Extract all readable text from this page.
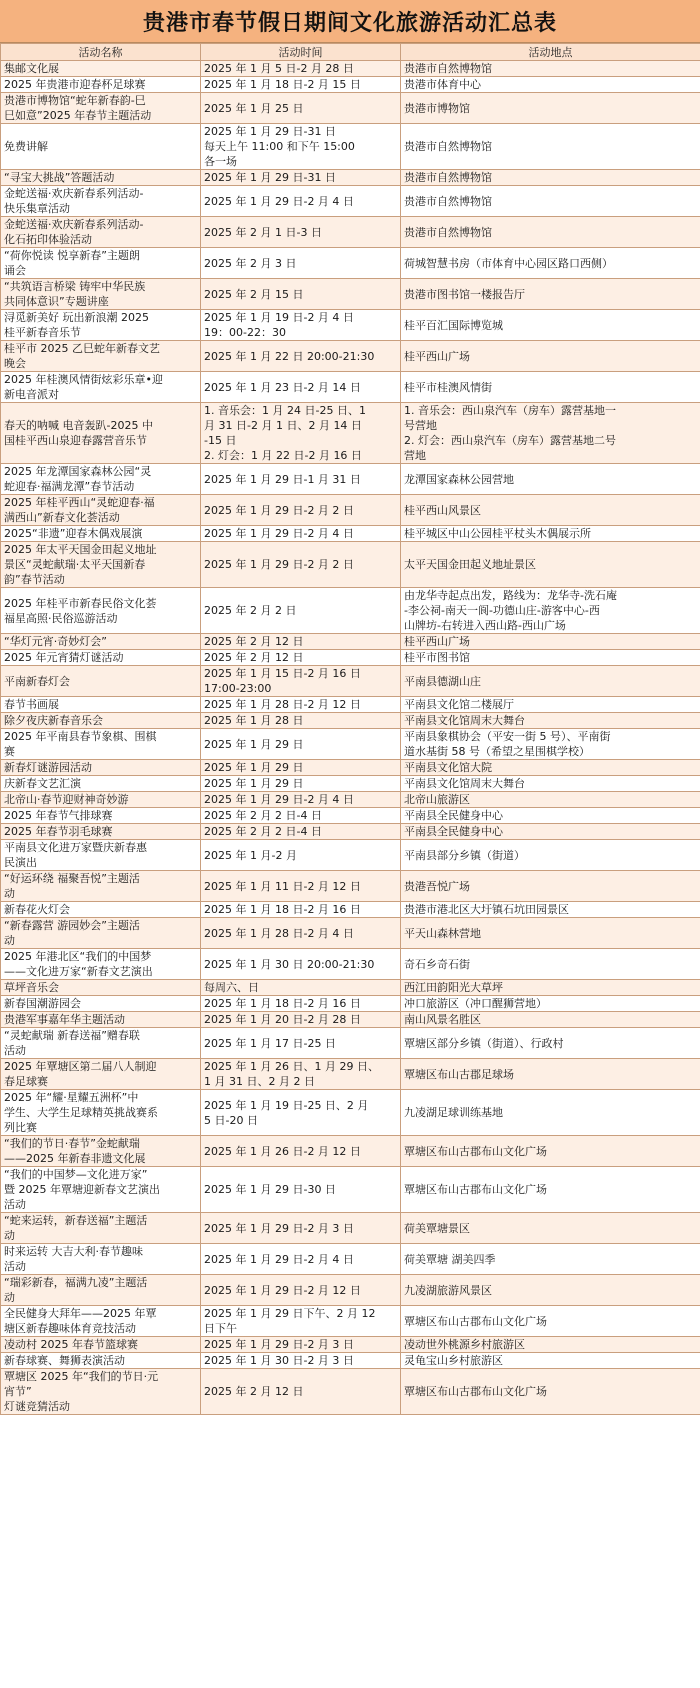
贵港市春节假日期间文化旅游活动汇总表
活动名称	活动时间	活动地点

集邮文化展	2025 年 1 月 5 日-2 月 28 日	贵港市自然博物馆

2025 年贵港市迎春杯足球赛	2025 年 1 月 18 日-2 月 15 日	贵港市体育中心

贵港市博物馆“蛇年新春韵-巳
巳如意”2025 年春节主题活动	2025 年 1 月 25 日	贵港市博物馆

免费讲解	2025 年 1 月 29 日-31 日
每天上午 11:00 和下午 15:00
各一场	贵港市自然博物馆

“寻宝大挑战”答题活动	2025 年 1 月 29 日-31 日	贵港市自然博物馆

金蛇送福·欢庆新春系列活动-
快乐集章活动	2025 年 1 月 29 日-2 月 4 日	贵港市自然博物馆

金蛇送福·欢庆新春系列活动-
化石拓印体验活动	2025 年 2 月 1 日-3 日	贵港市自然博物馆

“荷你悦读 悦享新春”主题朗
诵会	2025 年 2 月 3 日	荷城智慧书房（市体育中心园区路口西侧）

“共筑语言桥梁 铸牢中华民族
共同体意识”专题讲座	2025 年 2 月 15 日	贵港市图书馆一楼报告厅

浔觅新美好 玩出新浪潮 2025
桂平新春音乐节	2025 年 1 月 19 日-2 月 4 日
19：00-22：30	桂平百汇国际博览城

桂平市 2025 乙巳蛇年新春文艺
晚会	2025 年 1 月 22 日 20:00-21:30	桂平西山广场

2025 年桂澳风情街炫彩乐章•迎
新电音派对	2025 年 1 月 23 日-2 月 14 日	桂平市桂澳风情街

春天的呐喊 电音轰趴-2025 中
国桂平西山泉迎春露营音乐节	1. 音乐会：1 月 24 日-25 日、1
月 31 日-2 月 1 日、2 月 14 日
-15 日
2. 灯会：1 月 22 日-2 月 16 日	1. 音乐会：西山泉汽车（房车）露营基地一
号营地
2. 灯会：西山泉汽车（房车）露营基地二号
营地

2025 年龙潭国家森林公园“灵
蛇迎春·福满龙潭”春节活动	2025 年 1 月 29 日-1 月 31 日	龙潭国家森林公园营地

2025 年桂平西山“灵蛇迎春·福
满西山”新春文化荟活动	2025 年 1 月 29 日-2 月 2 日	桂平西山风景区

2025“非遗”迎春木偶戏展演	2025 年 1 月 29 日-2 月 4 日	桂平城区中山公园桂平杖头木偶展示所

2025 年太平天国金田起义地址
景区“灵蛇献瑞·太平天国新春
韵”春节活动	2025 年 1 月 29 日-2 月 2 日	太平天国金田起义地址景区

2025 年桂平市新春民俗文化荟
福星高照·民俗巡游活动	2025 年 2 月 2 日	由龙华寺起点出发，路线为：龙华寺-洗石庵
-李公祠-南天一阆-功德山庄-游客中心-西
山牌坊-右转进入西山路-西山广场

“华灯元宵·奇妙灯会”	2025 年 2 月 12 日	桂平西山广场

2025 年元宵猜灯谜活动	2025 年 2 月 12 日	桂平市图书馆

平南新春灯会	2025 年 1 月 15 日-2 月 16 日
17:00-23:00	平南县德湖山庄

春节书画展	2025 年 1 月 28 日-2 月 12 日	平南县文化馆二楼展厅

除夕夜庆新春音乐会	2025 年 1 月 28 日	平南县文化馆周末大舞台

2025 年平南县春节象棋、围棋
赛	2025 年 1 月 29 日	平南县象棋协会（平安一街 5 号）、平南街
道水基街 58 号（希望之星围棋学校）

新春灯谜游园活动	2025 年 1 月 29 日	平南县文化馆大院

庆新春文艺汇演	2025 年 1 月 29 日	平南县文化馆周末大舞台

北帝山·春节迎财神奇妙游	2025 年 1 月 29 日-2 月 4 日	北帝山旅游区

2025 年春节气排球赛	2025 年 2 月 2 日-4 日	平南县全民健身中心

2025 年春节羽毛球赛	2025 年 2 月 2 日-4 日	平南县全民健身中心

平南县文化进万家暨庆新春惠
民演出	2025 年 1 月-2 月	平南县部分乡镇（街道）

“好运环绕 福聚吾悦”主题活
动	2025 年 1 月 11 日-2 月 12 日	贵港吾悦广场

新春花火灯会	2025 年 1 月 18 日-2 月 16 日	贵港市港北区大圩镇石坑田园景区

“新春露营 游园妙会”主题活
动	2025 年 1 月 28 日-2 月 4 日	平天山森林营地

2025 年港北区“我们的中国梦
——文化进万家“新春文艺演出	2025 年 1 月 30 日 20:00-21:30	奇石乡奇石街

草坪音乐会	每周六、日	西江田韵阳光大草坪

新春国潮游园会	2025 年 1 月 18 日-2 月 16 日	冲口旅游区（冲口醒狮营地）

贵港军事嘉年华主题活动	2025 年 1 月 20 日-2 月 28 日	南山风景名胜区

“灵蛇献瑞 新春送福”赠春联
活动	2025 年 1 月 17 日-25 日	覃塘区部分乡镇（街道）、行政村

2025 年覃塘区第二届八人制迎
春足球赛	2025 年 1 月 26 日、1 月 29 日、
1 月 31 日、2 月 2 日	覃塘区布山古郡足球场

2025 年“耀·星耀五洲杯”中
学生、大学生足球精英挑战赛系
列比赛	2025 年 1 月 19 日-25 日、2 月
5 日-20 日	九凌湖足球训练基地

“我们的节日·春节”金蛇献瑞
——2025 年新春非遗文化展	2025 年 1 月 26 日-2 月 12 日	覃塘区布山古郡布山文化广场

“我们的中国梦—文化进万家”
暨 2025 年覃塘迎新春文艺演出
活动	2025 年 1 月 29 日-30 日	覃塘区布山古郡布山文化广场

“蛇来运转，新春送福”主题活
动	2025 年 1 月 29 日-2 月 3 日	荷美覃塘景区

时来运转 大吉大利·春节趣味
活动	2025 年 1 月 29 日-2 月 4 日	荷美覃塘 湖美四季

“瑞彩新春，福满九凌”主题活
动	2025 年 1 月 29 日-2 月 12 日	九凌湖旅游风景区

全民健身大拜年——2025 年覃
塘区新春趣味体育竞技活动	2025 年 1 月 29 日下午、2 月 12
日下午	覃塘区布山古郡布山文化广场

凌动村 2025 年春节篮球赛	2025 年 1 月 29 日-2 月 3 日	凌动世外桃源乡村旅游区

新春球赛、舞狮表演活动	2025 年 1 月 30 日-2 月 3 日	灵龟宝山乡村旅游区

覃塘区 2025 年“我们的节日·元
宵节”
灯谜竞猜活动	2025 年 2 月 12 日	覃塘区布山古郡布山文化广场
